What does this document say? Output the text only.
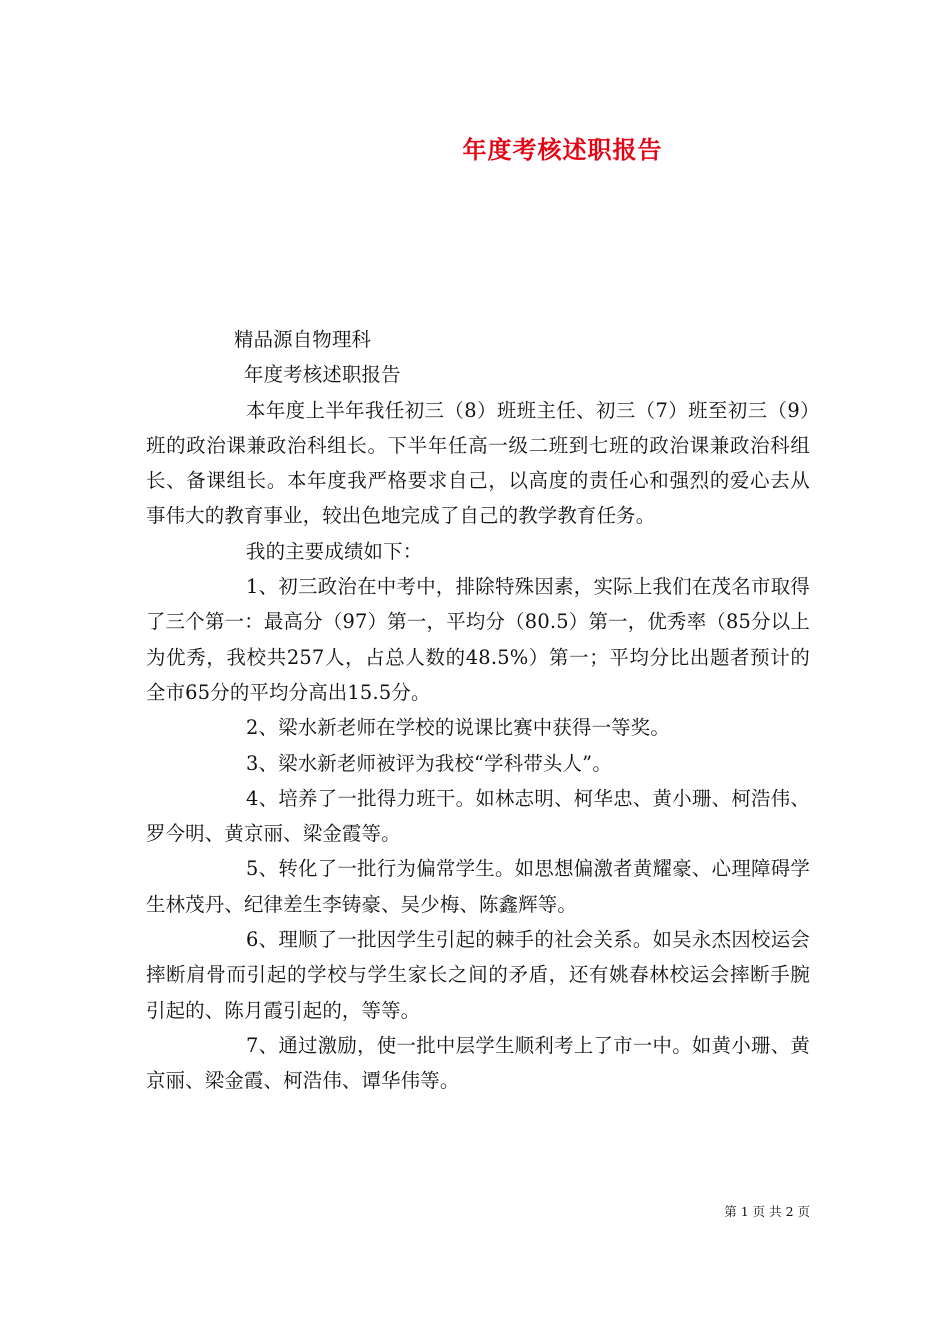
年度考核述职报告

精品源自物理科

年度考核述职报告

本年度上半年我任初三（8）班班主任、初三（7）班至初三（9）班的政治课兼政治科组长。下半年任高一级二班到七班的政治课兼政治科组长、备课组长。本年度我严格要求自己，以高度的责任心和强烈的爱心去从事伟大的教育事业，较出色地完成了自己的教学教育任务。

我的主要成绩如下：

1、初三政治在中考中，排除特殊因素，实际上我们在茂名市取得了三个第一：最高分（97）第一，平均分（80.5）第一，优秀率（85分以上为优秀，我校共257人，占总人数的48.5%）第一；平均分比出题者预计的全市65分的平均分高出15.5分。

2、梁水新老师在学校的说课比赛中获得一等奖。

3、梁水新老师被评为我校“学科带头人”。

4、培养了一批得力班干。如林志明、柯华忠、黄小珊、柯浩伟、罗今明、黄京丽、梁金霞等。

5、转化了一批行为偏常学生。如思想偏激者黄耀豪、心理障碍学生林茂丹、纪律差生李铸豪、吴少梅、陈鑫辉等。

6、理顺了一批因学生引起的棘手的社会关系。如吴永杰因校运会摔断肩骨而引起的学校与学生家长之间的矛盾，还有姚春林校运会摔断手腕引起的、陈月霞引起的，等等。

7、通过激励，使一批中层学生顺利考上了市一中。如黄小珊、黄京丽、梁金霞、柯浩伟、谭华伟等。

第 1 页 共 2 页
